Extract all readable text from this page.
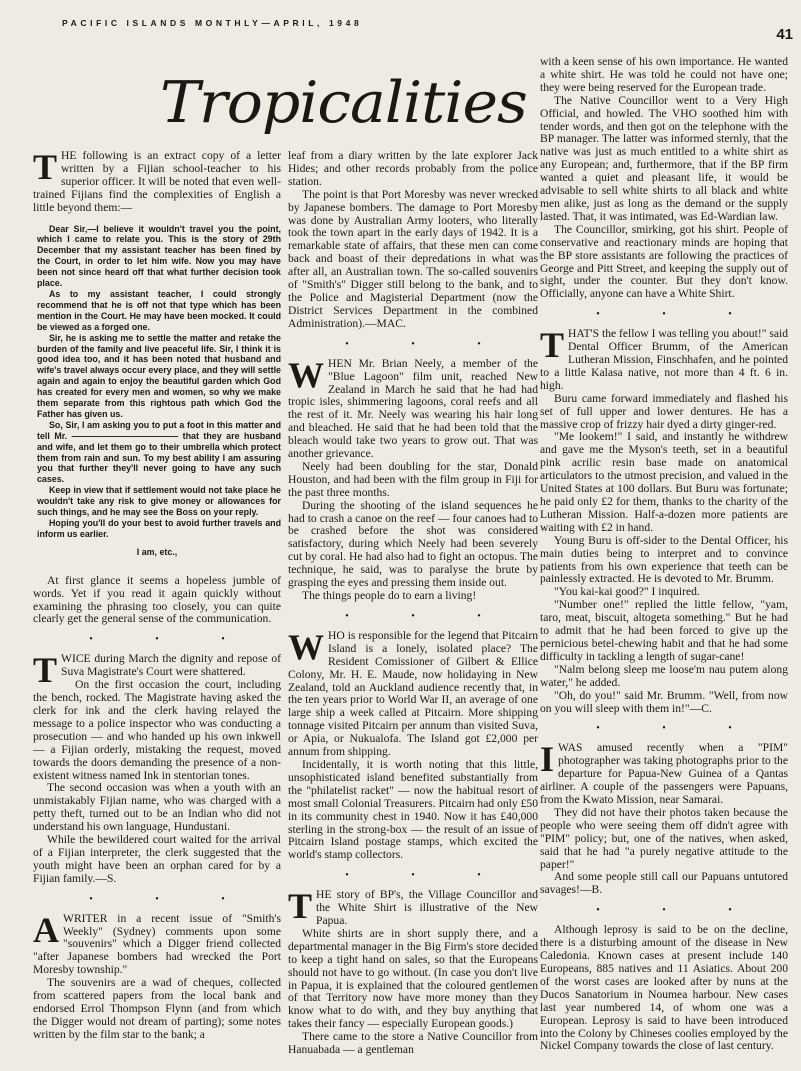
PACIFIC ISLANDS MONTHLY—APRIL, 1948
41
Tropicalities

THE following is an extract copy of a letter written by a Fijian school-teacher to his superior officer. It will be noted that even well-trained Fijians find the complexities of English a little beyond them:—

Dear Sir,—I believe it wouldn't travel you the point, which I came to relate you. This is the story of 29th December that my assistant teacher has been fined by the Court, in order to let him wife. Now you may have been not since heard off that what further decision took place.

As to my assistant teacher, I could strongly recommend that he is off not that type which has been mention in the Court. He may have been mocked. It could be viewed as a forged one.

Sir, he is asking me to settle the matter and retake the burden of the family and live peaceful life. Sir, I think it is good idea too, and it has been noted that husband and wife's travel always occur every place, and they will settle again and again to enjoy the beautiful garden which God has created for every men and women, so why we make them separate from this rightous path which God the Father has given us.

So, Sir, I am asking you to put a foot in this matter and tell Mr. ———————————— that they are husband and wife, and let them go to their umbrella which protect them from rain and sun. To my best ability I am assuring you that further they'll never going to have any such cases.

Keep in view that if settlement would not take place he wouldn't take any risk to give money or allowances for such things, and he may see the Boss on your reply.

Hoping you'll do your best to avoid further travels and inform us earlier.

I am, etc.,

At first glance it seems a hopeless jumble of words. Yet if you read it again quickly without examining the phrasing too closely, you can quite clearly get the general sense of the communication.

• • •

TWICE during March the dignity and repose of Suva Magistrate's Court were shattered.

On the first occasion the court, including the bench, rocked. The Magistrate having asked the clerk for ink and the clerk having relayed the message to a police inspector who was conducting a prosecution — and who handed up his own inkwell — a Fijian orderly, mistaking the request, moved towards the doors demanding the presence of a non-existent witness named Ink in stentorian tones.

The second occasion was when a youth with an unmistakably Fijian name, who was charged with a petty theft, turned out to be an Indian who did not understand his own language, Hundustani.

While the bewildered court waited for the arrival of a Fijian interpreter, the clerk suggested that the youth might have been an orphan cared for by a Fijian family.—S.

• • •

AWRITER in a recent issue of "Smith's Weekly" (Sydney) comments upon some "souvenirs" which a Digger friend collected "after Japanese bombers had wrecked the Port Moresby township."

The souvenirs are a wad of cheques, collected from scattered papers from the local bank and endorsed Errol Thompson Flynn (and from which the Digger would not dream of parting); some notes written by the film star to the bank; a

leaf from a diary written by the late explorer Jack Hides; and other records probably from the police station.

The point is that Port Moresby was never wrecked by Japanese bombers. The damage to Port Moresby was done by Australian Army looters, who literally took the town apart in the early days of 1942. It is a remarkable state of affairs, that these men can come back and boast of their depredations in what was after all, an Australian town. The so-called souvenirs of "Smith's" Digger still belong to the bank, and to the Police and Magisterial Department (now the District Services Department in the combined Administration).—MAC.

• • •

WHEN Mr. Brian Neely, a member of the "Blue Lagoon" film unit, reached New Zealand in March he said that he had had tropic isles, shimmering lagoons, coral reefs and all the rest of it. Mr. Neely was wearing his hair long and bleached. He said that he had been told that the bleach would take two years to grow out. That was another grievance.

Neely had been doubling for the star, Donald Houston, and had been with the film group in Fiji for the past three months.

During the shooting of the island sequences he had to crash a canoe on the reef — four canoes had to be crashed before the shot was considered satisfactory, during which Neely had been severely cut by coral. He had also had to fight an octopus. The technique, he said, was to paralyse the brute by grasping the eyes and pressing them inside out.

The things people do to earn a living!

• • •

WHO is responsible for the legend that Pitcairn Island is a lonely, isolated place? The Resident Comissioner of Gilbert & Ellice Colony, Mr. H. E. Maude, now holidaying in New Zealand, told an Auckland audience recently that, in the ten years prior to World War II, an average of one large ship a week called at Pitcairn. More shipping tonnage visited Pitcairn per annum than visited Suva, or Apia, or Nukualofa. The Island got £2,000 per annum from shipping.

Incidentally, it is worth noting that this little, unsophisticated island benefited substantially from the "philatelist racket" — now the habitual resort of most small Colonial Treasurers. Pitcairn had only £50 in its community chest in 1940. Now it has £40,000 sterling in the strong-box — the result of an issue of Pitcairn Island postage stamps, which excited the world's stamp collectors.

• • •

THE story of BP's, the Village Councillor and the White Shirt is illustrative of the New Papua.

White shirts are in short supply there, and a departmental manager in the Big Firm's store decided to keep a tight hand on sales, so that the Europeans should not have to go without. (In case you don't live in Papua, it is explained that the coloured gentlemen of that Territory now have more money than they know what to do with, and they buy anything that takes their fancy — especially European goods.)

There came to the store a Native Councillor from Hanuabada — a gentleman

with a keen sense of his own importance. He wanted a white shirt. He was told he could not have one; they were being reserved for the European trade.

The Native Councillor went to a Very High Official, and howled. The VHO soothed him with tender words, and then got on the telephone with the BP manager. The latter was informed sternly, that the native was just as much entitled to a white shirt as any European; and, furthermore, that if the BP firm wanted a quiet and pleasant life, it would be advisable to sell white shirts to all black and white men alike, just as long as the demand or the supply lasted. That, it was intimated, was Ed-Wardian law.

The Councillor, smirking, got his shirt. People of conservative and reactionary minds are hoping that the BP store assistants are following the practices of George and Pitt Street, and keeping the supply out of sight, under the counter. But they don't know. Officially, anyone can have a White Shirt.

• • •

THAT'S the fellow I was telling you about!" said Dental Officer Brumm, of the American Lutheran Mission, Finschhafen, and he pointed to a little Kalasa native, not more than 4 ft. 6 in. high.

Buru came forward immediately and flashed his set of full upper and lower dentures. He has a massive crop of frizzy hair dyed a dirty ginger-red.

"Me lookem!" I said, and instantly he withdrew and gave me the Myson's teeth, set in a beautiful pink acrilic resin base made on anatomical articulators to the utmost precision, and valued in the United States at 100 dollars. But Buru was fortunate; he paid only £2 for them, thanks to the charity of the Lutheran Mission. Half-a-dozen more patients are waiting with £2 in hand.

Young Buru is off-sider to the Dental Officer, his main duties being to interpret and to convince patients from his own experience that teeth can be painlessly extracted. He is devoted to Mr. Brumm.

"You kai-kai good?" I inquired.

"Number one!" replied the little fellow, "yam, taro, meat, biscuit, altogeta something." But he had to admit that he had been forced to give up the pernicious betel-chewing habit and that he had some difficulty in tackling a length of sugar-cane!

"Nalm belong sleep me loose'm nau putem along water," he added.

"Oh, do you!" said Mr. Brumm. "Well, from now on you will sleep with them in!"—C.

• • •

IWAS amused recently when a "PIM" photographer was taking photographs prior to the departure for Papua-New Guinea of a Qantas airliner. A couple of the passengers were Papuans, from the Kwato Mission, near Samarai.

They did not have their photos taken because the people who were seeing them off didn't agree with "PIM" policy; but, one of the natives, when asked, said that he had "a purely negative attitude to the paper!"

And some people still call our Papuans untutored savages!—B.

• • •

Although leprosy is said to be on the decline, there is a disturbing amount of the disease in New Caledonia. Known cases at present include 140 Europeans, 885 natives and 11 Asiatics. About 200 of the worst cases are looked after by nuns at the Ducos Sanatorium in Noumea harbour. New cases last year numbered 14, of whom one was a European. Leprosy is said to have been introduced into the Colony by Chineses coolies employed by the Nickel Company towards the close of last century.
